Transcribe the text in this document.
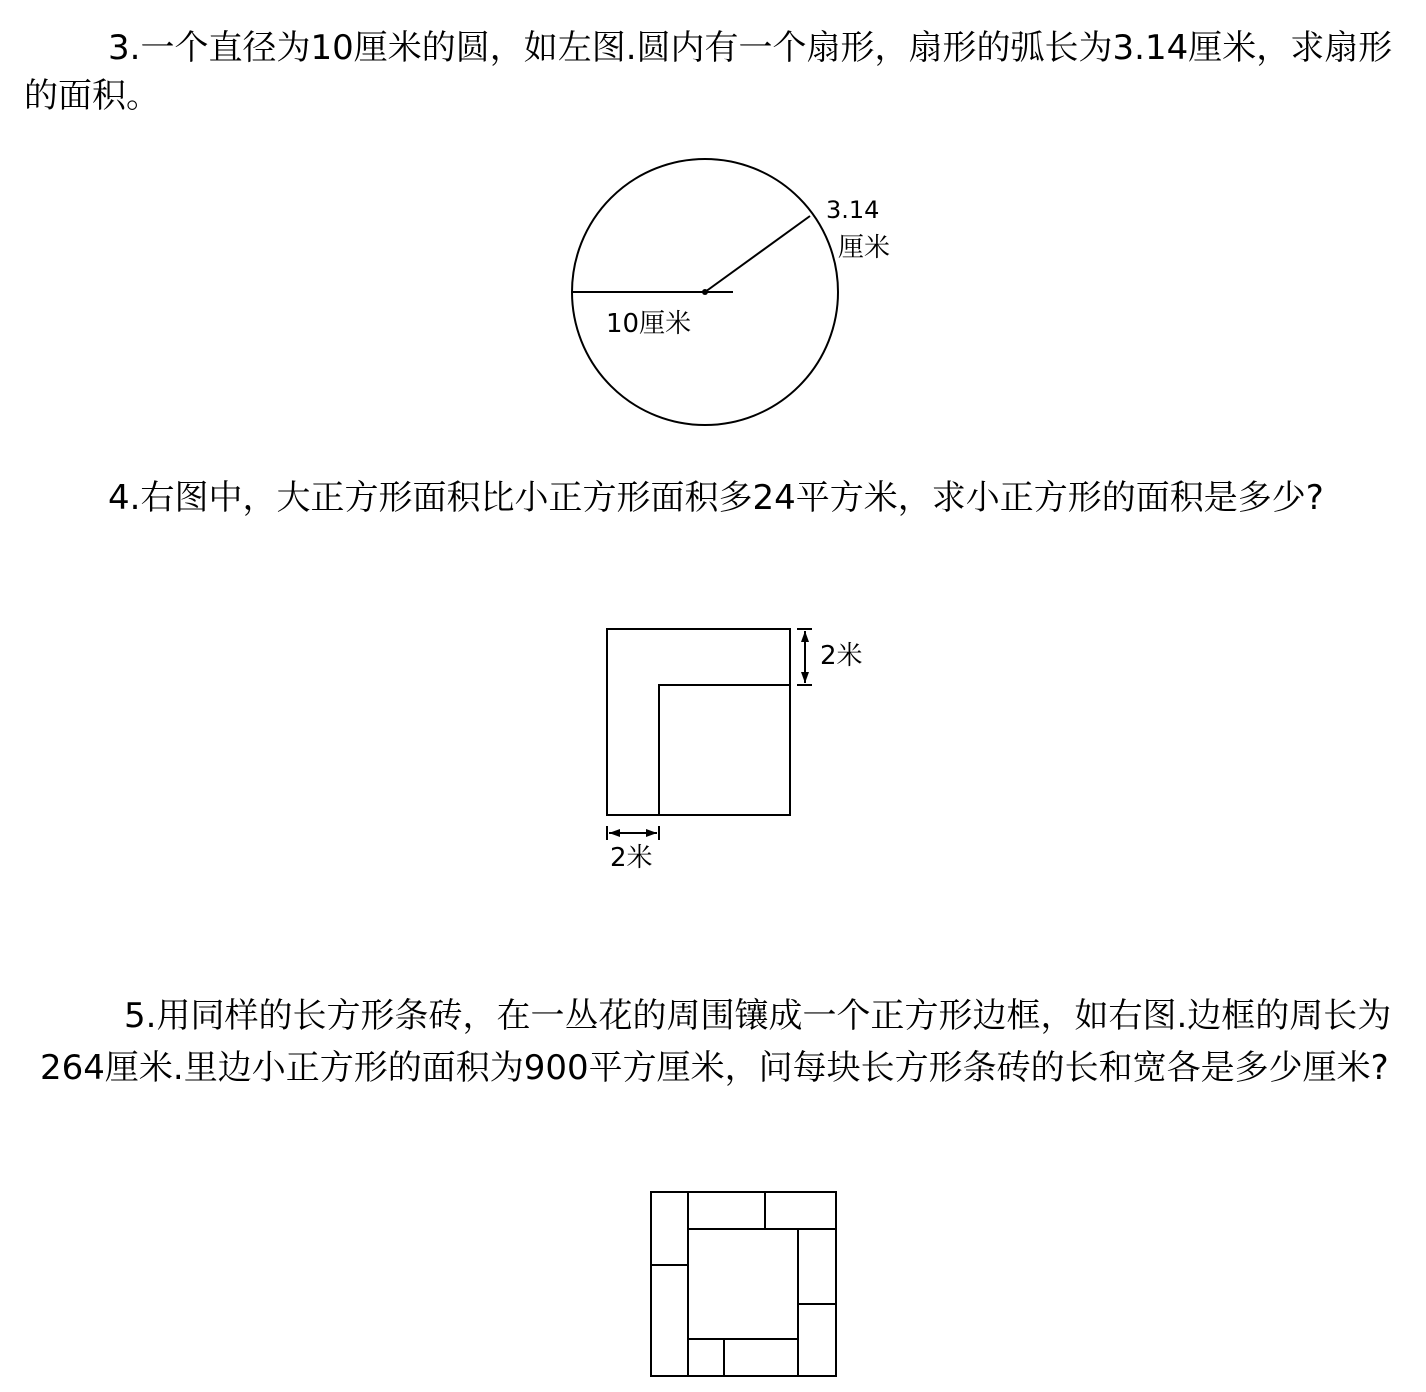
3.一个直径为10厘米的圆，如左图.圆内有一个扇形，扇形的弧长为3.14厘米，求扇形的面积。

3.14
厘米
10厘米

4.右图中，大正方形面积比小正方形面积多24平方米，求小正方形的面积是多少?

2米
2米

5.用同样的长方形条砖，在一丛花的周围镶成一个正方形边框，如右图.边框的周长为264厘米.里边小正方形的面积为900平方厘米，问每块长方形条砖的长和宽各是多少厘米?
